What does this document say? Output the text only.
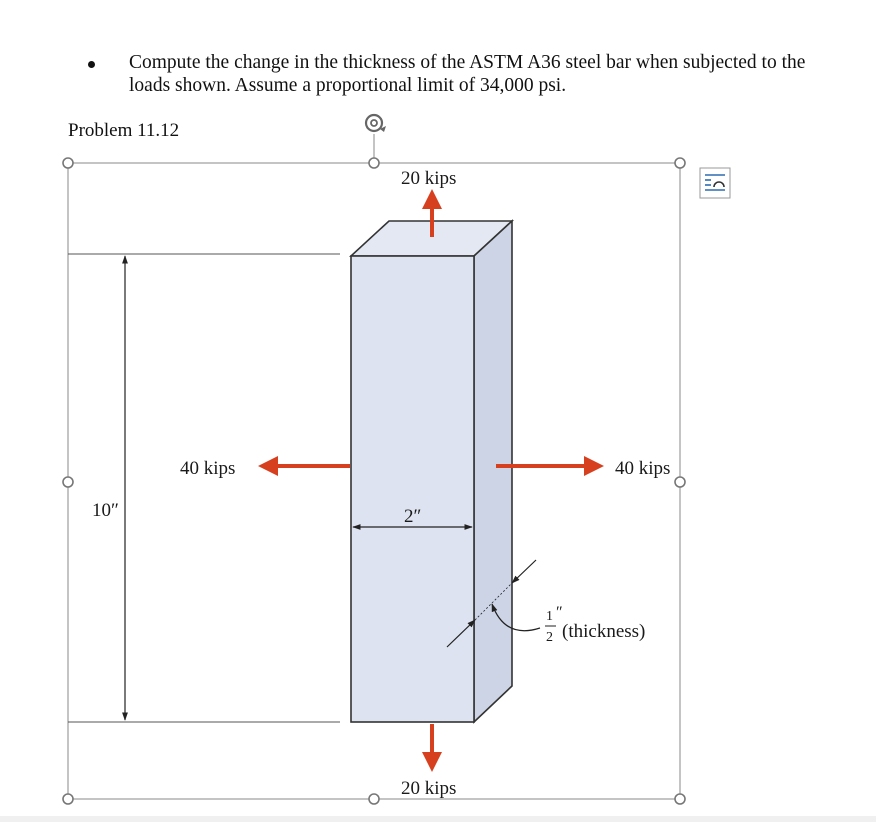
Compute the change in the thickness of the ASTM A36 steel bar when subjected to the loads shown. Assume a proportional limit of 34,000 psi.
Problem 11.12
10″	2″
1
2
″
(thickness)
20 kips
20 kips
40 kips	40 kips
